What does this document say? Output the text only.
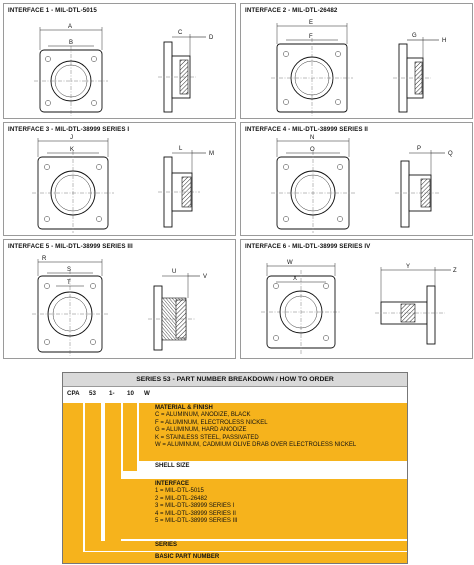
INTERFACE 1 - MIL-DTL-5015
A
B
C
D
INTERFACE 2 - MIL-DTL-26482
E
F	G
H
INTERFACE 3 - MIL-DTL-38999 SERIES I
J
K	L
M
INTERFACE 4 - MIL-DTL-38999 SERIES II
N
O	P
Q
INTERFACE 5 - MIL-DTL-38999 SERIES III
R
S
T
U
V
INTERFACE 6 - MIL-DTL-38999 SERIES IV
W
X
Y
Z
SERIES 53 - PART NUMBER BREAKDOWN / HOW TO ORDER
CPA 53 1- 10 W
MATERIAL & FINISH
C = ALUMINUM, ANODIZE, BLACK
F = ALUMINUM, ELECTROLESS NICKEL
G = ALUMINUM, HARD ANODIZE
K = STAINLESS STEEL, PASSIVATED
W = ALUMINUM, CADMIUM OLIVE DRAB OVER ELECTROLESS NICKEL
SHELL SIZE
INTERFACE
1 = MIL-DTL-5015
2 = MIL-DTL-26482
3 = MIL-DTL-38999 SERIES I
4 = MIL-DTL-38999 SERIES II
5 = MIL-DTL-38999 SERIES III
SERIES
BASIC PART NUMBER
